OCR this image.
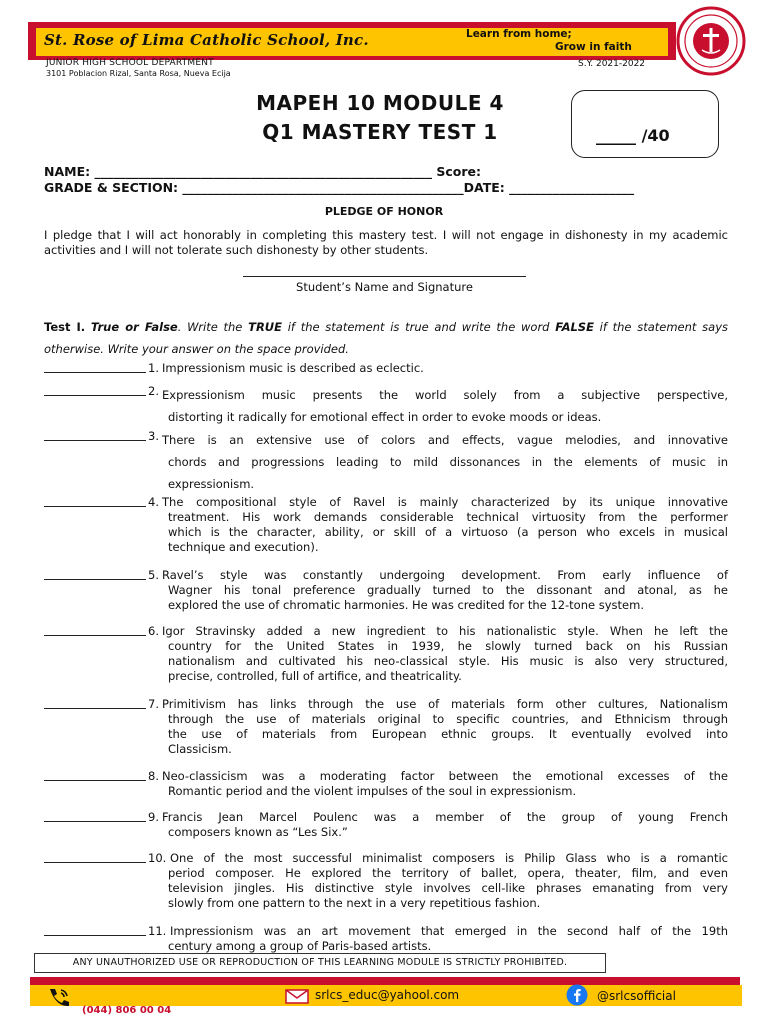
St. Rose of Lima Catholic School, Inc.	Learn from home;
Grow in faith
JUNIOR HIGH SCHOOL DEPARTMENT
3101 Poblacion Rizal, Santa Rosa, Nueva Ecija
S.Y. 2021-2022
MAPEH 10 MODULE 4
Q1 MASTERY TEST 1	_____ /40
NAME: ______________________________________________________ Score:
GRADE & SECTION: _____________________________________________DATE: ____________________
PLEDGE OF HONOR
I pledge that I will act honorably in completing this mastery test. I will not engage in dishonesty in my academic activities and I will not tolerate such dishonesty by other students.
Student’s Name and Signature
Test I. True or False. Write the TRUE if the statement is true and write the word FALSE if the statement says otherwise. Write your answer on the space provided.
1. Impressionism music is described as eclectic.
2. Expressionism music presents the world solely from a subjective perspective,
distorting it radically for emotional effect in order to evoke moods or ideas.
3. There is an extensive use of colors and effects, vague melodies, and innovative
chords and progressions leading to mild dissonances in the elements of music in
expressionism.
4. The compositional style of Ravel is mainly characterized by its unique innovative
treatment. His work demands considerable technical virtuosity from the performer
which is the character, ability, or skill of a virtuoso (a person who excels in musical
technique and execution).
5. Ravel’s style was constantly undergoing development. From early influence of
Wagner his tonal preference gradually turned to the dissonant and atonal, as he
explored the use of chromatic harmonies. He was credited for the 12-tone system.
6. Igor Stravinsky added a new ingredient to his nationalistic style. When he left the
country for the United States in 1939, he slowly turned back on his Russian
nationalism and cultivated his neo-classical style. His music is also very structured,
precise, controlled, full of artifice, and theatricality.
7. Primitivism has links through the use of materials form other cultures, Nationalism
through the use of materials original to specific countries, and Ethnicism through
the use of materials from European ethnic groups. It eventually evolved into
Classicism.
8. Neo-classicism was a moderating factor between the emotional excesses of the
Romantic period and the violent impulses of the soul in expressionism.
9. Francis Jean Marcel Poulenc was a member of the group of young French
composers known as “Les Six.”
10. One of the most successful minimalist composers is Philip Glass who is a romantic
period composer. He explored the territory of ballet, opera, theater, film, and even
television jingles. His distinctive style involves cell-like phrases emanating from very
slowly from one pattern to the next in a very repetitious fashion.
11. Impressionism was an art movement that emerged in the second half of the 19th
century among a group of Paris-based artists.
ANY UNAUTHORIZED USE OR REPRODUCTION OF THIS LEARNING MODULE IS STRICTLY PROHIBITED.
(044) 806 00 04
srlcs_educ@yahool.com	@srlcsofficial
